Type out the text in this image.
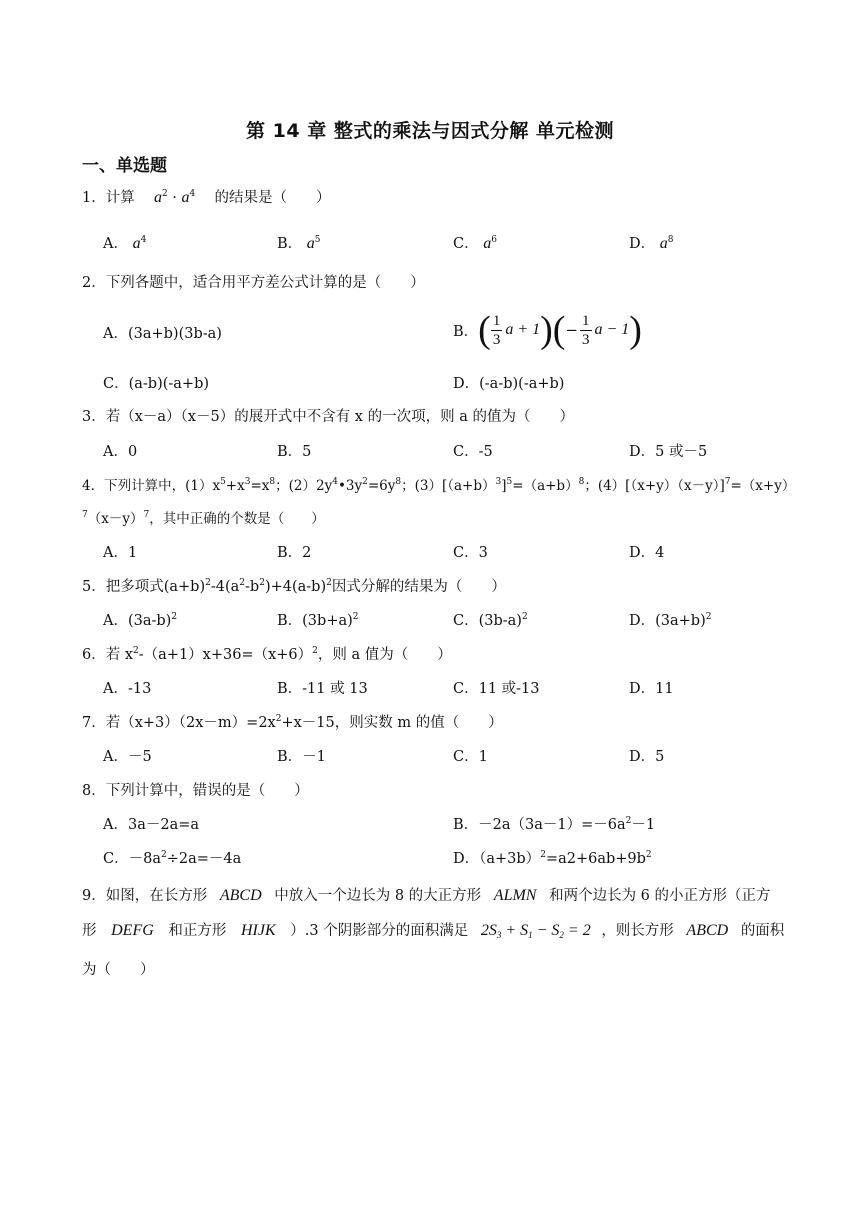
第 14 章 整式的乘法与因式分解 单元检测
一、单选题
1．计算 $a^2 \cdot a^4$ 的结果是（　　）
A． $a^4$	B． $a^5$	C． $a^6$	D． $a^8$
2．下列各题中，适合用平方差公式计算的是（　　）
A．(3a+b)(3b-a)	B． ( $\frac{1}{3}$ a + 1 ) ( − $\frac{1}{3}$ a − 1 )
C．(a-b)(-a+b)	D．(-a-b)(-a+b)
3．若（x－a）（x－5）的展开式中不含有 x 的一次项，则 a 的值为（　　）
A．0	B．5	C．-5	D．5 或－5
4．下列计算中，$(1)x^5+x^3=x^8$；$(2)2y^4•3y^2=6y^8$；$(3)[(a+b)^3]^5=(a+b)^8$；$(4)[(x+y)(x-y)]^7=(x+y)$
$^7(x-y)^7$，其中正确的个数是（　　）
A．1	B．2	C．3	D．4
5．把多项式$(a+b)^2-4(a^2-b^2)+4(a-b)^2$因式分解的结果为（　　）
A．$(3a-b)^2$	B．$(3b+a)^2$	C．$(3b-a)^2$	D．$(3a+b)^2$
6．若 $x^2-(a+1)x+36=(x+6)^2$，则 a 值为（　　）
A．-13	B．-11 或 13	C．11 或-13	D．11
7．若$(x+3)(2x-m)=2x^2+x-15$，则实数 m 的值（　　）
A．－5	B．－1	C．1	D．5
8．下列计算中，错误的是（　　）
A．3a－2a=a	B．$-2a(3a-1)=-6a^2-1$
C．$-8a^2\div 2a=-4a$	D．$(a+3b)^2=a2+6ab+9b^2$
9．如图，在长方形 ABCD 中放入一个边长为 8 的大正方形 ALMN 和两个边长为 6 的小正方形（正方
形 DEFG 和正方形 HIJK ）.3 个阴影部分的面积满足 $2S_3 + S_1 - S_2 = 2$ ，则长方形 ABCD 的面积
为（　　）
